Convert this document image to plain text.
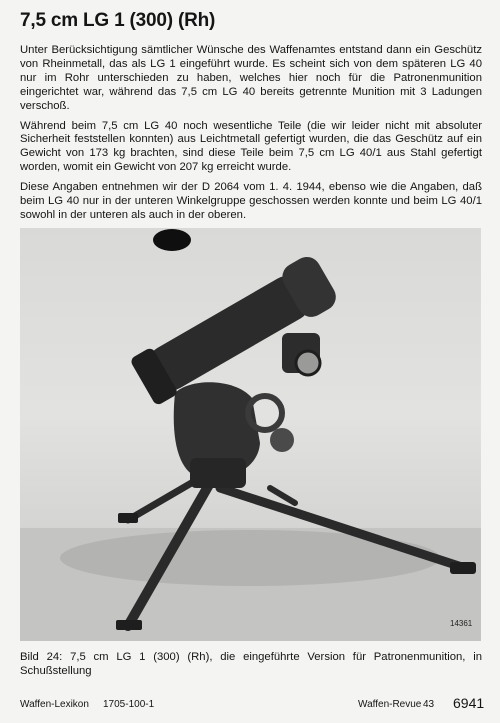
7,5 cm LG 1 (300) (Rh)

Unter Berücksichtigung sämtlicher Wünsche des Waffenamtes entstand dann ein Geschütz von Rheinmetall, das als LG 1 eingeführt wurde. Es scheint sich von dem späteren LG 40 nur im Rohr unterschieden zu haben, welches hier noch für die Patronenmunition eingerichtet war, während das 7,5 cm LG 40 bereits getrennte Munition mit 3 Ladungen verschoß.

Während beim 7,5 cm LG 40 noch wesentliche Teile (die wir leider nicht mit absoluter Sicherheit feststellen konnten) aus Leichtmetall gefertigt wurden, die das Geschütz auf ein Gewicht von 173 kg brachten, sind diese Teile beim 7,5 cm LG 40/1 aus Stahl gefertigt worden, womit ein Gewicht von 207 kg erreicht wurde.

Diese Angaben entnehmen wir der D 2064 vom 1. 4. 1944, ebenso wie die Angaben, daß beim LG 40 nur in der unteren Winkelgruppe geschossen werden konnte und beim LG 40/1 sowohl in der unteren als auch in der oberen.

14361

Bild 24: 7,5 cm LG 1 (300) (Rh), die eingeführte Version für Patronenmunition, in Schußstellung

Waffen-Lexikon 1705-100-1	Waffen-Revue 43 6941
